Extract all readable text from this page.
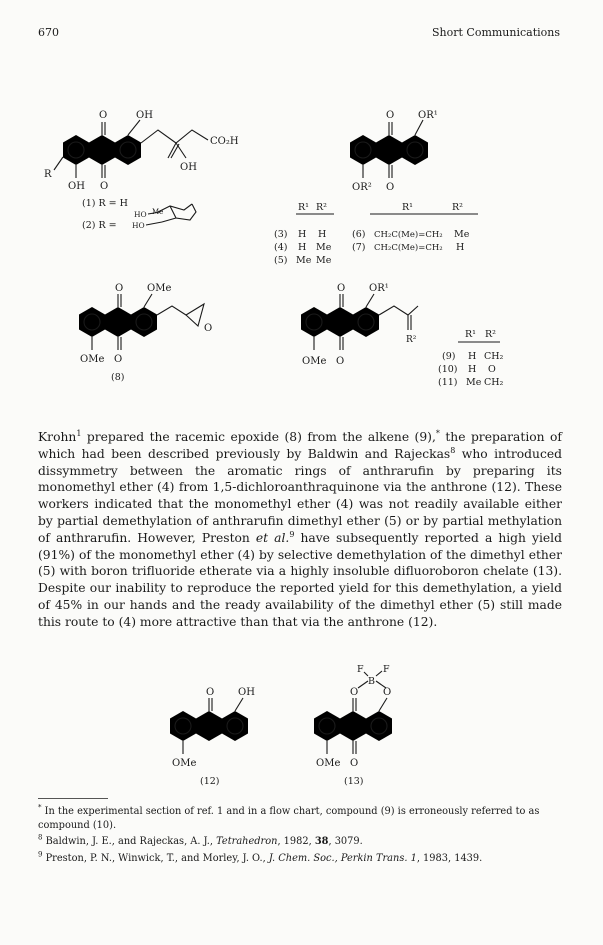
670	Short Communications
O	OH
CO₂H
OH
R
OH O
(1) R = H
(2) R =
Me
HO
HO
O OR¹
OR² O
R¹ R²	R¹	R²
(3) H H
(4) H Me
(5) Me Me
(6) CH₂C(Me)=CH₂ Me
(7) CH₂C(Me)=CH₂ H
O OMe
O
OMe O
(8)
O OR¹
R²
OMe O
R¹ R²
(9) H CH₂
(10) H O
(11) Me CH₂

Krohn$^1$ prepared the racemic epoxide (8) from the alkene (9),* the preparation of which had been described previously by Baldwin and Rajeckas$^8$ who introduced dissymmetry between the aromatic rings of anthrarufin by preparing its monomethyl ether (4) from 1,5-dichloroanthraquinone via the anthrone (12). These workers indicated that the monomethyl ether (4) was not readily available either by partial demethylation of anthrarufin dimethyl ether (5) or by partial methylation of anthrarufin. However, Preston et al.$^9$ have subsequently reported a high yield (91%) of the monomethyl ether (4) by selective demethylation of the dimethyl ether (5) with boron trifluoride etherate via a highly insoluble difluoroboron chelate (13). Despite our inability to reproduce the reported yield for this demethylation, a yield of 45% in our hands and the ready availability of the dimethyl ether (5) still made this route to (4) more attractive than that via the anthrone (12).

O OH
OMe
(12)
F F
B
O O
OMe O
(13)

* In the experimental section of ref. 1 and in a flow chart, compound (9) is erroneously referred to as compound (10).

$^8$ Baldwin, J. E., and Rajeckas, A. J., Tetrahedron, 1982, 38, 3079.

$^9$ Preston, P. N., Winwick, T., and Morley, J. O., J. Chem. Soc., Perkin Trans. 1, 1983, 1439.
